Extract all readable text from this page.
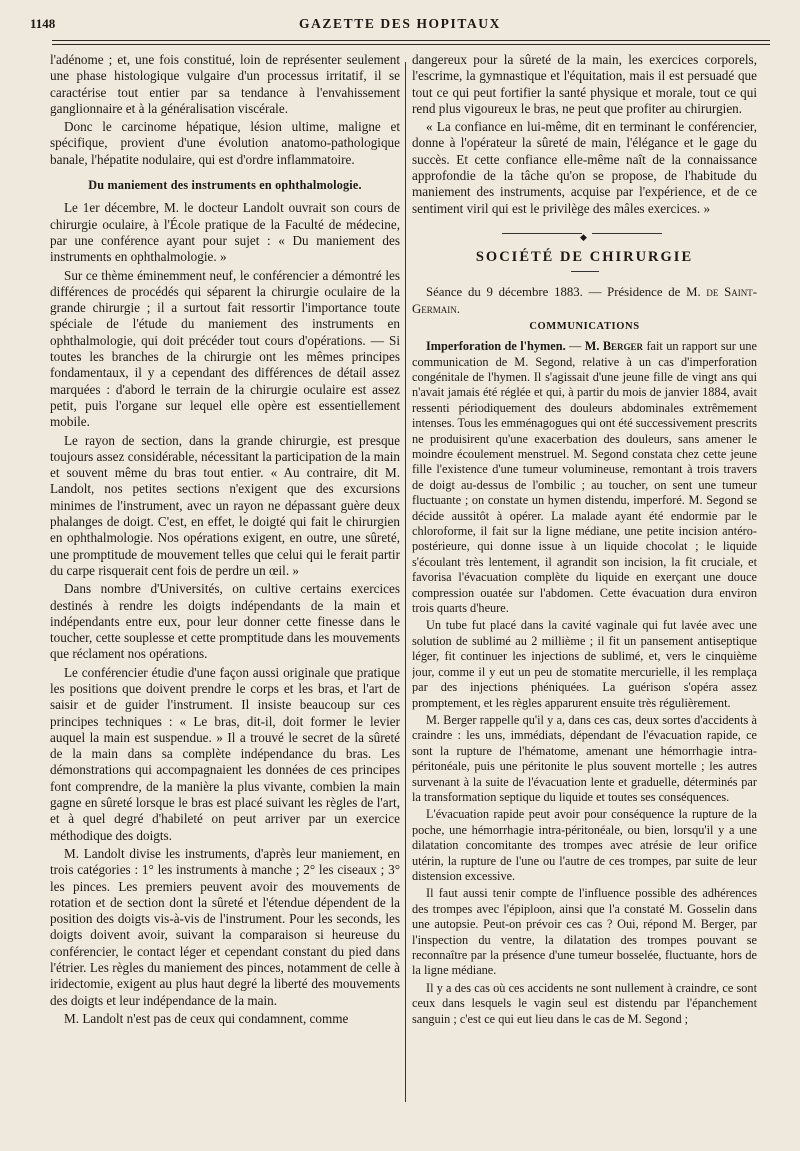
1148	GAZETTE DES HOPITAUX

l'adénome ; et, une fois constitué, loin de représenter seulement une phase histologique vulgaire d'un processus irritatif, il se caractérise tout entier par sa tendance à l'envahissement ganglionnaire et à la généralisation viscérale.

Donc le carcinome hépatique, lésion ultime, maligne et spécifique, provient d'une évolution anatomo-pathologique banale, l'hépatite nodulaire, qui est d'ordre inflammatoire.

Du maniement des instruments en ophthalmologie.

Le 1er décembre, M. le docteur Landolt ouvrait son cours de chirurgie oculaire, à l'École pratique de la Faculté de médecine, par une conférence ayant pour sujet : « Du maniement des instruments en ophthalmologie. »

Sur ce thème éminemment neuf, le conférencier a démontré les différences de procédés qui séparent la chirurgie oculaire de la grande chirurgie ; il a surtout fait ressortir l'importance toute spéciale de l'étude du maniement des instruments en ophthalmologie, qui doit précéder tout cours d'opérations. — Si toutes les branches de la chirurgie ont les mêmes principes fondamentaux, il y a cependant des différences de détail assez marquées : d'abord le terrain de la chirurgie oculaire est assez petit, puis l'organe sur lequel elle opère est essentiellement mobile.

Le rayon de section, dans la grande chirurgie, est presque toujours assez considérable, nécessitant la participation de la main et souvent même du bras tout entier. « Au contraire, dit M. Landolt, nos petites sections n'exigent que des excursions minimes de l'instrument, avec un rayon ne dépassant guère deux phalanges de doigt. C'est, en effet, le doigté qui fait le chirurgien en ophthalmologie. Nos opérations exigent, en outre, une sûreté, une promptitude de mouvement telles que celui qui le ferait partir du carpe risquerait cent fois de perdre un œil. »

Dans nombre d'Universités, on cultive certains exercices destinés à rendre les doigts indépendants de la main et indépendants entre eux, pour leur donner cette finesse dans le toucher, cette souplesse et cette promptitude dans les mouvements que réclament nos opérations.

Le conférencier étudie d'une façon aussi originale que pratique les positions que doivent prendre le corps et les bras, et l'art de saisir et de guider l'instrument. Il insiste beaucoup sur ces principes techniques : « Le bras, dit-il, doit former le levier auquel la main est suspendue. » Il a trouvé le secret de la sûreté de la main dans sa complète indépendance du bras. Les démonstrations qui accompagnaient les données de ces principes font comprendre, de la manière la plus vivante, combien la main gagne en sûreté lorsque le bras est placé suivant les règles de l'art, et à quel degré d'habileté on peut arriver par un exercice méthodique des doigts.

M. Landolt divise les instruments, d'après leur maniement, en trois catégories : 1° les instruments à manche ; 2° les ciseaux ; 3° les pinces. Les premiers peuvent avoir des mouvements de rotation et de section dont la sûreté et l'étendue dépendent de la position des doigts vis-à-vis de l'instrument. Pour les seconds, les doigts doivent avoir, suivant la comparaison si heureuse du conférencier, le contact léger et cependant constant du pied dans l'étrier. Les règles du maniement des pinces, notamment de celle à iridectomie, exigent au plus haut degré la liberté des mouvements des doigts et leur indépendance de la main.

M. Landolt n'est pas de ceux qui condamnent, comme

dangereux pour la sûreté de la main, les exercices corporels, l'escrime, la gymnastique et l'équitation, mais il est persuadé que tout ce qui peut fortifier la santé physique et morale, tout ce qui rend plus vigoureux le bras, ne peut que profiter au chirurgien.

« La confiance en lui-même, dit en terminant le conférencier, donne à l'opérateur la sûreté de main, l'élégance et le gage du succès. Et cette confiance elle-même naît de la connaissance approfondie de la tâche qu'on se propose, de l'habitude du maniement des instruments, acquise par l'expérience, et de ce sentiment viril qui est le privilège des mâles exercices. »

◆
SOCIÉTÉ DE CHIRURGIE

Séance du 9 décembre 1883. — Présidence de M. de Saint-Germain.

COMMUNICATIONS

Imperforation de l'hymen. — M. Berger fait un rapport sur une communication de M. Segond, relative à un cas d'imperforation congénitale de l'hymen. Il s'agissait d'une jeune fille de vingt ans qui n'avait jamais été réglée et qui, à partir du mois de janvier 1884, avait ressenti périodiquement des douleurs abdominales extrêmement intenses. Tous les emménagogues qui ont été successivement prescrits ne produisirent qu'une exacerbation des douleurs, sans amener le moindre écoulement menstruel. M. Segond constata chez cette jeune fille l'existence d'une tumeur volumineuse, remontant à trois travers de doigt au-dessus de l'ombilic ; au toucher, on sent une tumeur fluctuante ; on constate un hymen distendu, imperforé. M. Segond se décide aussitôt à opérer. La malade ayant été endormie par le chloroforme, il fait sur la ligne médiane, une petite incision antéro-postérieure, qui donne issue à un liquide chocolat ; le liquide s'écoulant très lentement, il agrandit son incision, la fit cruciale, et favorisa l'évacuation complète du liquide en exerçant une douce compression ouatée sur l'abdomen. Cette évacuation dura environ trois quarts d'heure.

Un tube fut placé dans la cavité vaginale qui fut lavée avec une solution de sublimé au 2 millième ; il fit un pansement antiseptique léger, fit continuer les injections de sublimé, et, vers le cinquième jour, comme il y eut un peu de stomatite mercurielle, il les remplaça par des injections phéniquées. La guérison s'opéra assez promptement, et les règles apparurent ensuite très régulièrement.

M. Berger rappelle qu'il y a, dans ces cas, deux sortes d'accidents à craindre : les uns, immédiats, dépendant de l'évacuation rapide, ce sont la rupture de l'hématome, amenant une hémorrhagie intra-péritonéale, puis une péritonite le plus souvent mortelle ; les autres survenant à la suite de l'évacuation lente et graduelle, déterminés par la transformation septique du liquide et toutes ses conséquences.

L'évacuation rapide peut avoir pour conséquence la rupture de la poche, une hémorrhagie intra-péritonéale, ou bien, lorsqu'il y a une dilatation concomitante des trompes avec atrésie de leur orifice utérin, la rupture de l'une ou l'autre de ces trompes, par suite de leur distension excessive.

Il faut aussi tenir compte de l'influence possible des adhérences des trompes avec l'épiploon, ainsi que l'a constaté M. Gosselin dans une autopsie. Peut-on prévoir ces cas ? Oui, répond M. Berger, par l'inspection du ventre, la dilatation des trompes pouvant se reconnaître par la présence d'une tumeur bosselée, fluctuante, hors de la ligne médiane.

Il y a des cas où ces accidents ne sont nullement à craindre, ce sont ceux dans lesquels le vagin seul est distendu par l'épanchement sanguin ; c'est ce qui eut lieu dans le cas de M. Segond ;
